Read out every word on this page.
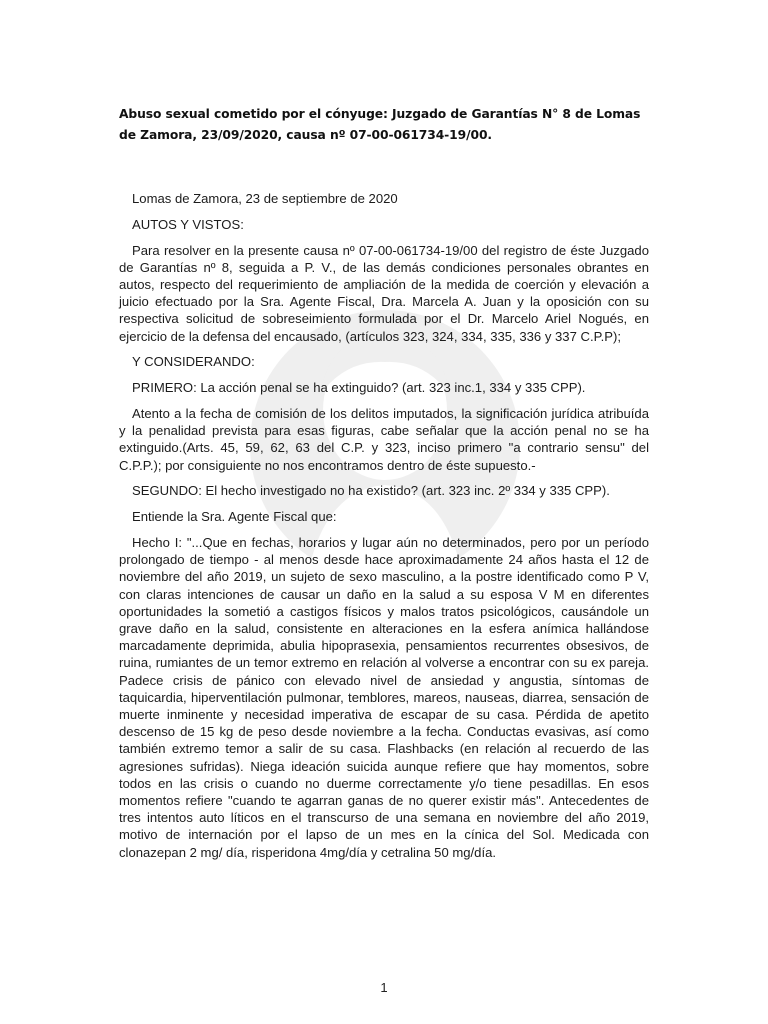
Abuso sexual cometido por el cónyuge: Juzgado de Garantías N° 8 de Lomas de Zamora, 23/09/2020, causa nº 07-00-061734-19/00.

Lomas de Zamora, 23 de septiembre de 2020

AUTOS Y VISTOS:

Para resolver en la presente causa nº 07-00-061734-19/00 del registro de éste Juzgado de Garantías nº 8, seguida a P. V., de las demás condiciones personales obrantes en autos, respecto del requerimiento de ampliación de la medida de coerción y elevación a juicio efectuado por la Sra. Agente Fiscal, Dra. Marcela A. Juan y la oposición con su respectiva solicitud de sobreseimiento formulada por el Dr. Marcelo Ariel Nogués, en ejercicio de la defensa del encausado, (artículos 323, 324, 334, 335, 336 y 337 C.P.P);

Y CONSIDERANDO:

PRIMERO: La acción penal se ha extinguido? (art. 323 inc.1, 334 y 335 CPP).

Atento a la fecha de comisión de los delitos imputados, la significación jurídica atribuída y la penalidad prevista para esas figuras, cabe señalar que la acción penal no se ha extinguido.(Arts. 45, 59, 62, 63 del C.P. y 323, inciso primero "a contrario sensu" del C.P.P.); por consiguiente no nos encontramos dentro de éste supuesto.-

SEGUNDO: El hecho investigado no ha existido? (art. 323 inc. 2º 334 y 335 CPP).

Entiende la Sra. Agente Fiscal que:

Hecho I: "...Que en fechas, horarios y lugar aún no determinados, pero por un período prolongado de tiempo - al menos desde hace aproximadamente 24 años hasta el 12 de noviembre del año 2019, un sujeto de sexo masculino, a la postre identificado como P V, con claras intenciones de causar un daño en la salud a su esposa V M en diferentes oportunidades la sometió a castigos físicos y malos tratos psicológicos, causándole un grave daño en la salud, consistente en alteraciones en la esfera anímica hallándose marcadamente deprimida, abulia hipoprasexia, pensamientos recurrentes obsesivos, de ruina, rumiantes de un temor extremo en relación al volverse a encontrar con su ex pareja. Padece crisis de pánico con elevado nivel de ansiedad y angustia, síntomas de taquicardia, hiperventilación pulmonar, temblores, mareos, nauseas, diarrea, sensación de muerte inminente y necesidad imperativa de escapar de su casa. Pérdida de apetito descenso de 15 kg de peso desde noviembre a la fecha. Conductas evasivas, así como también extremo temor a salir de su casa. Flashbacks (en relación al recuerdo de las agresiones sufridas). Niega ideación suicida aunque refiere que hay momentos, sobre todos en las crisis o cuando no duerme correctamente y/o tiene pesadillas. En esos momentos refiere "cuando te agarran ganas de no querer existir más". Antecedentes de tres intentos auto líticos en el transcurso de una semana en noviembre del año 2019, motivo de internación por el lapso de un mes en la cínica del Sol. Medicada con clonazepan 2 mg/ día, risperidona 4mg/día y cetralina 50 mg/día.

1
